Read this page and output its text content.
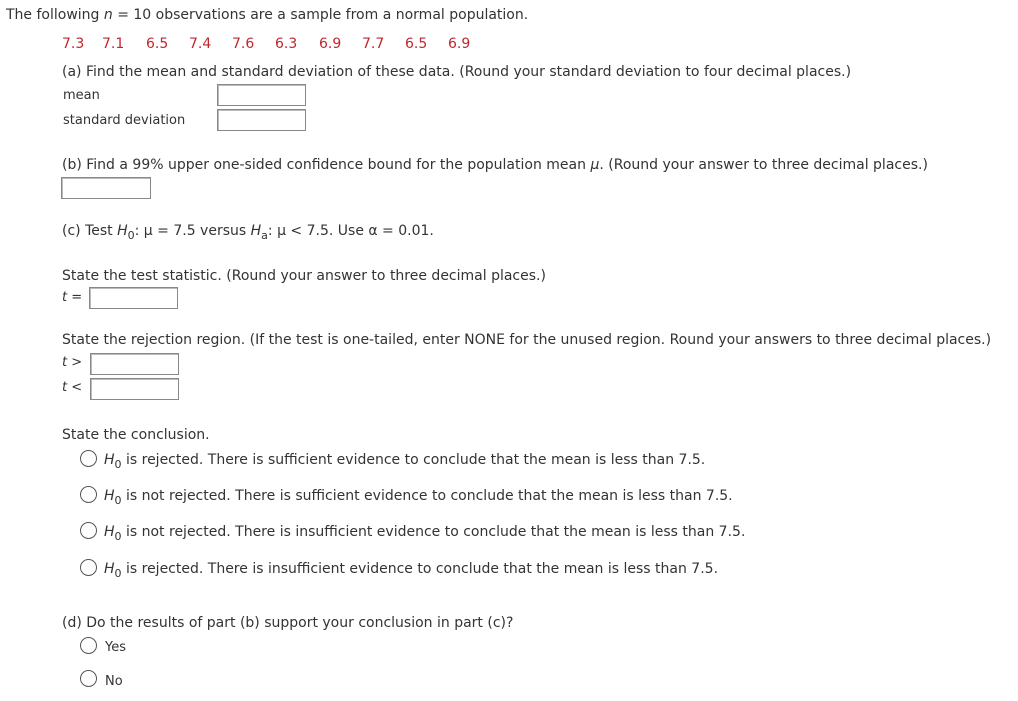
The following n = 10 observations are a sample from a normal population.
7.3 7.1 6.5 7.4 7.6 6.3 6.9 7.7 6.5 6.9
(a) Find the mean and standard deviation of these data. (Round your standard deviation to four decimal places.)
mean
standard deviation
(b) Find a 99% upper one-sided confidence bound for the population mean μ. (Round your answer to three decimal places.)
(c) Test $H_0$: μ = 7.5 versus $H_a$: μ < 7.5. Use α = 0.01.
State the test statistic. (Round your answer to three decimal places.)
t =
State the rejection region. (If the test is one-tailed, enter NONE for the unused region. Round your answers to three decimal places.)
t >
t <
State the conclusion.
$H_0$ is rejected. There is sufficient evidence to conclude that the mean is less than 7.5.
$H_0$ is not rejected. There is sufficient evidence to conclude that the mean is less than 7.5.
$H_0$ is not rejected. There is insufficient evidence to conclude that the mean is less than 7.5.
$H_0$ is rejected. There is insufficient evidence to conclude that the mean is less than 7.5.
(d) Do the results of part (b) support your conclusion in part (c)?
Yes
No
